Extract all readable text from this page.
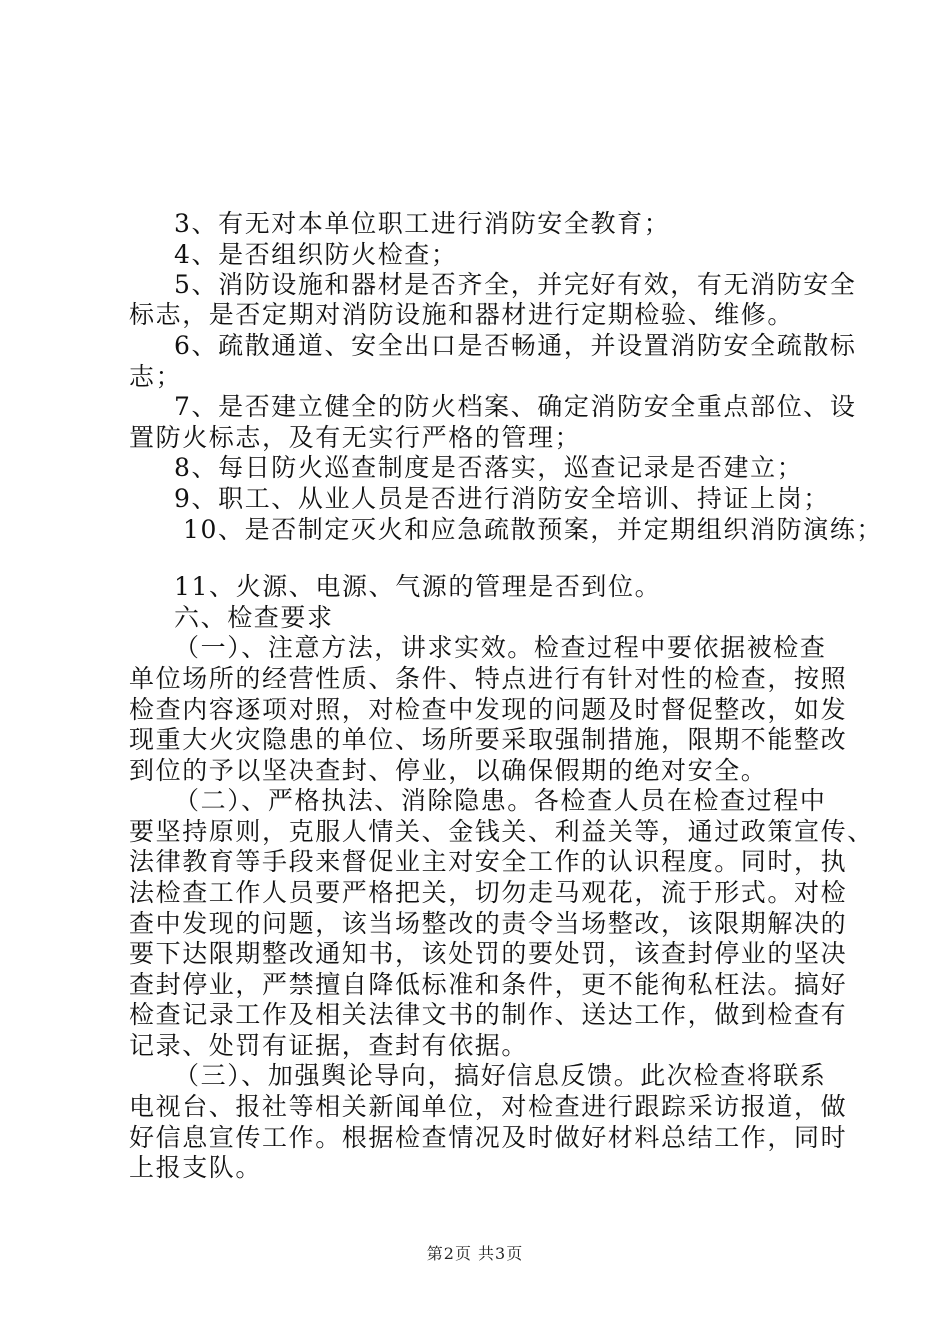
3、有无对本单位职工进行消防安全教育；
4、是否组织防火检查；
5、消防设施和器材是否齐全，并完好有效，有无消防安全
标志，是否定期对消防设施和器材进行定期检验、维修。
6、疏散通道、安全出口是否畅通，并设置消防安全疏散标
志；
7、是否建立健全的防火档案、确定消防安全重点部位、设
置防火标志，及有无实行严格的管理；
8、每日防火巡查制度是否落实，巡查记录是否建立；
9、职工、从业人员是否进行消防安全培训、持证上岗；
10、是否制定灭火和应急疏散预案，并定期组织消防演练；
11、火源、电源、气源的管理是否到位。
六、检查要求
（一）、注意方法，讲求实效。检查过程中要依据被检查
单位场所的经营性质、条件、特点进行有针对性的检查，按照
检查内容逐项对照，对检查中发现的问题及时督促整改，如发
现重大火灾隐患的单位、场所要采取强制措施，限期不能整改
到位的予以坚决查封、停业，以确保假期的绝对安全。
（二）、严格执法、消除隐患。各检查人员在检查过程中
要坚持原则，克服人情关、金钱关、利益关等，通过政策宣传、
法律教育等手段来督促业主对安全工作的认识程度。同时，执
法检查工作人员要严格把关，切勿走马观花，流于形式。对检
查中发现的问题，该当场整改的责令当场整改，该限期解决的
要下达限期整改通知书，该处罚的要处罚，该查封停业的坚决
查封停业，严禁擅自降低标准和条件，更不能徇私枉法。搞好
检查记录工作及相关法律文书的制作、送达工作，做到检查有
记录、处罚有证据，查封有依据。
（三）、加强舆论导向，搞好信息反馈。此次检查将联系
电视台、报社等相关新闻单位，对检查进行跟踪采访报道，做
好信息宣传工作。根据检查情况及时做好材料总结工作，同时
上报支队。
第2页 共3页
